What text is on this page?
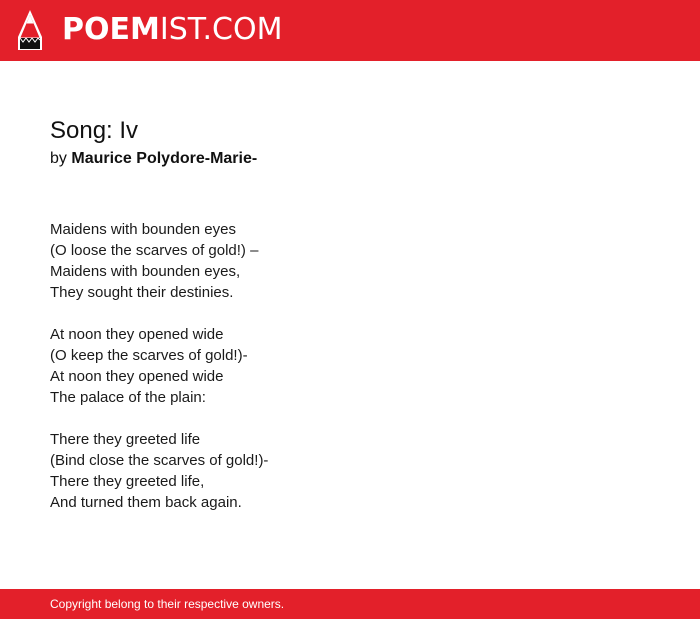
POEMIST.COM
Song: Iv
by Maurice Polydore-Marie-
Maidens with bounden eyes
(O loose the scarves of gold!) –
Maidens with bounden eyes,
They sought their destinies.
At noon they opened wide
(O keep the scarves of gold!)-
At noon they opened wide
The palace of the plain:
There they greeted life
(Bind close the scarves of gold!)-
There they greeted life,
And turned them back again.
Copyright belong to their respective owners.
